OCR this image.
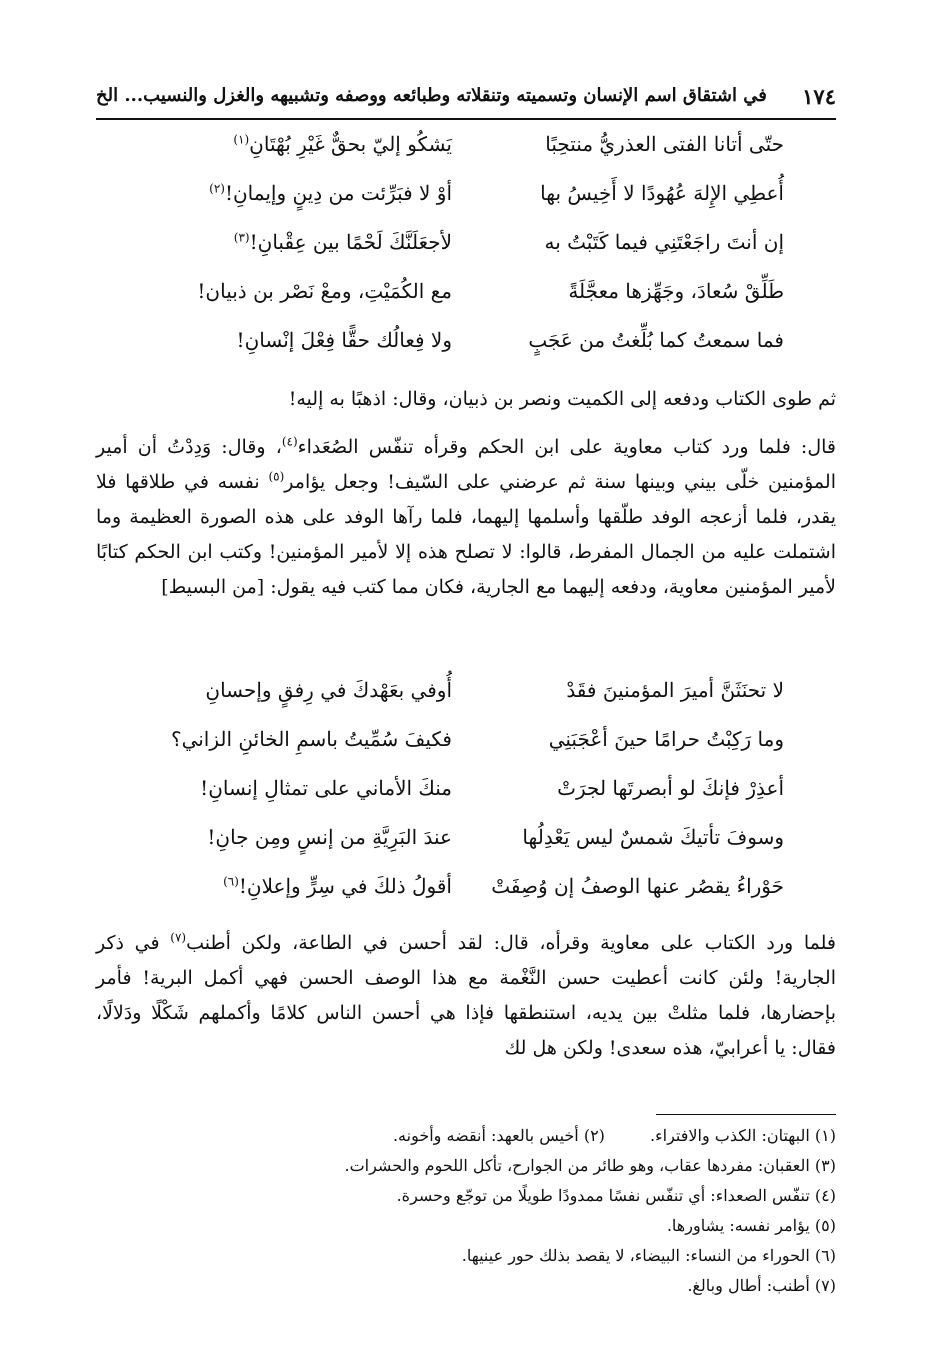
١٧٤
في اشتقاق اسم الإنسان وتسميته وتنقلاته وطبائعه ووصفه وتشبيهه والغزل والنسيب... الخ
حتّى أتانا الفتى العذريُّ منتحِبًا
يَشكُو إليّ بحقٌّ غَيْرِ بُهْتَانِ$^{(١)}$
أُعطِي الإِلهَ عُهُودًا لا أَخِيسُ بها
أوْ لا فبَرِّئت من دِينٍ وإيمانِ!$^{(٢)}$
إن أنتَ راجَعْتَنِي فيما كَتَبْتُ به
لأجعَلَنَّكَ لَحْمًا بين عِقْبانِ!$^{(٣)}$
طَلِّقْ سُعادَ، وجَهِّزها معجَّلَةً
مع الكُمَيْتِ، ومعْ نَصْر بن ذبيان!
فما سمعتُ كما بُلِّغتُ من عَجَبٍ
ولا فِعالُك حقًّا فِعْلَ إنْسانِ!

ثم طوى الكتاب ودفعه إلى الكميت ونصر بن ذبيان، وقال: اذهبًا به إليه!

قال: فلما ورد كتاب معاوية على ابن الحكم وقرأه تنفّس الصُعَداء$^{(٤)}$، وقال: وَدِدْتُ أن أمير المؤمنين خلّى بيني وبينها سنة ثم عرضني على السّيف! وجعل يؤامر$^{(٥)}$ نفسه في طلاقها فلا يقدر، فلما أزعجه الوفد طلّقها وأسلمها إليهما، فلما رآها الوفد على هذه الصورة العظيمة وما اشتملت عليه من الجمال المفرط، قالوا: لا تصلح هذه إلا لأمير المؤمنين! وكتب ابن الحكم كتابًا لأمير المؤمنين معاوية، ودفعه إليهما مع الجارية، فكان مما كتب فيه يقول:[من البسيط]

لا تحنَثَنَّ أميرَ المؤمنينَ فقَدْ
أُوفي بعَهْدكَ في رِفقٍ وإحسانِ
وما رَكِبْتُ حرامًا حينَ أعْجَبَنِي
فكيفَ سُمِّيتُ باسمِ الخائنِ الزاني؟
أعذِرْ فإنكَ لو أبصرتَها لجرَتْ
منكَ الأماني على تمثالِ إنسانِ!
وسوفَ تأتيكَ شمسٌ ليس يَعْدِلُها
عندَ البَرِيَّةِ من إنسٍ ومِن جانِ!
حَوْراءُ يقصُر عنها الوصفُ إن وُصِفَتْ
أقولُ ذلكَ في سِرٍّ وإعلانِ!$^{(٦)}$

فلما ورد الكتاب على معاوية وقرأه، قال: لقد أحسن في الطاعة، ولكن أطنب$^{(٧)}$ في ذكر الجارية! ولئن كانت أعطيت حسن النَّغْمة مع هذا الوصف الحسن فهي أكمل البرية! فأمر بإحضارها، فلما مثلتْ بين يديه، استنطقها فإذا هي أحسن الناس كلامًا وأكملهم شَكْلًا ودَلالًا، فقال: يا أعرابيّ، هذه سعدى! ولكن هل لك

(١) البهتان: الكذب والافتراء. (٢) أخيس بالعهد: أنقضه وأخونه.
(٣) العقبان: مفردها عقاب، وهو طائر من الجوارح، تأكل اللحوم والحشرات.
(٤) تنفّس الصعداء: أي تنفّس نفسًا ممدودًا طويلًا من توجّع وحسرة.
(٥) يؤامر نفسه: يشاورها.
(٦) الحوراء من النساء: البيضاء، لا يقصد بذلك حور عينيها.
(٧) أطنب: أطال وبالغ.
